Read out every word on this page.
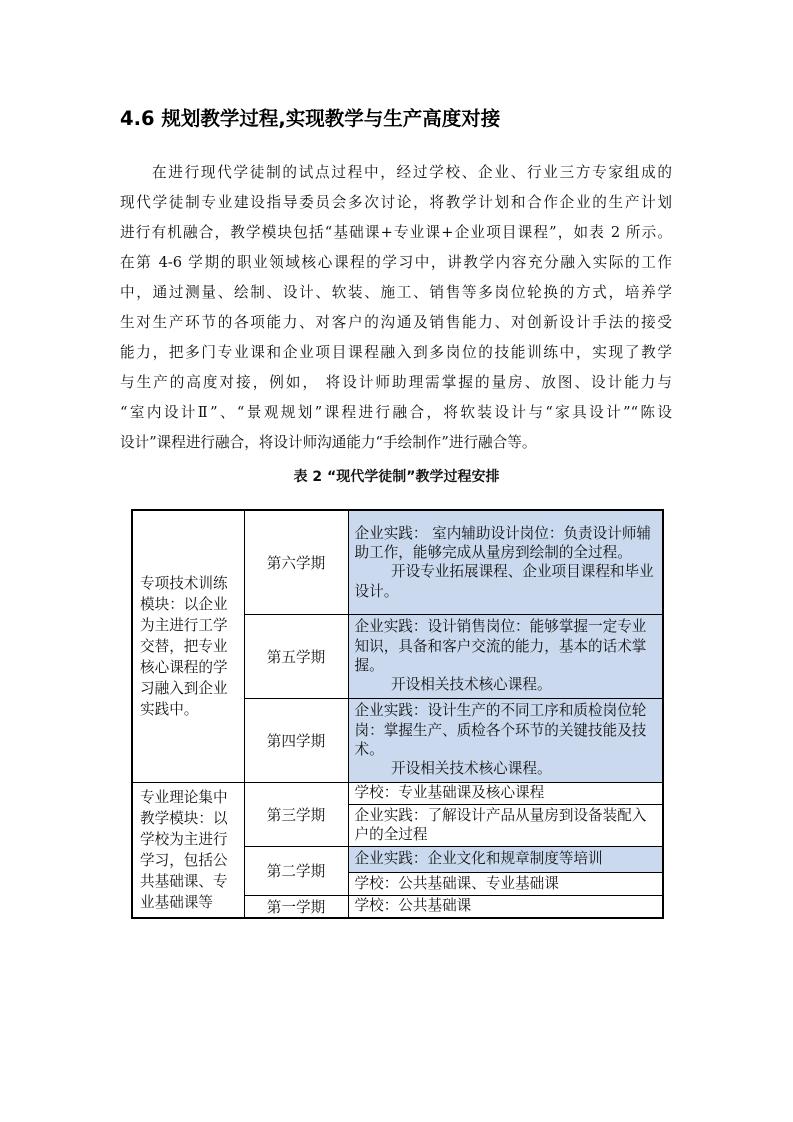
4.6 规划教学过程,实现教学与生产高度对接
在进行现代学徒制的试点过程中，经过学校、企业、行业三方专家组成的
现代学徒制专业建设指导委员会多次讨论，将教学计划和合作企业的生产计划
进行有机融合，教学模块包括“基础课+专业课+企业项目课程”，如表 2 所示。
在第 4-6 学期的职业领域核心课程的学习中，讲教学内容充分融入实际的工作
中，通过测量、绘制、设计、软装、施工、销售等多岗位轮换的方式，培养学
生对生产环节的各项能力、对客户的沟通及销售能力、对创新设计手法的接受
能力，把多门专业课和企业项目课程融入到多岗位的技能训练中，实现了教学
与生产的高度对接，例如， 将设计师助理需掌握的量房、放图、设计能力与
“室内设计Ⅱ”、“景观规划”课程进行融合，将软装设计与“家具设计”“陈设
设计”课程进行融合，将设计师沟通能力“手绘制作”进行融合等。
表 2 “现代学徒制”教学过程安排
专项技术训练模块：以企业为主进行工学交替，把专业核心课程的学习融入到企业实践中。	第六学期	企业实践： 室内辅助设计岗位：负责设计师辅助工作，能够完成从量房到绘制的全过程。
开设专业拓展课程、企业项目课程和毕业设计。

	第五学期	企业实践：设计销售岗位：能够掌握一定专业知识，具备和客户交流的能力，基本的话术掌握。
开设相关技术核心课程。

	第四学期	企业实践：设计生产的不同工序和质检岗位轮岗：掌握生产、质检各个环节的关键技能及技术。
开设相关技术核心课程。

专业理论集中教学模块：以学校为主进行学习，包括公共基础课、专业基础课等	第三学期	学校：专业基础课及核心课程
		企业实践：了解设计产品从量房到设备装配入户的全过程
	第二学期	企业实践：企业文化和规章制度等培训
		学校：公共基础课、专业基础课
	第一学期	学校：公共基础课
